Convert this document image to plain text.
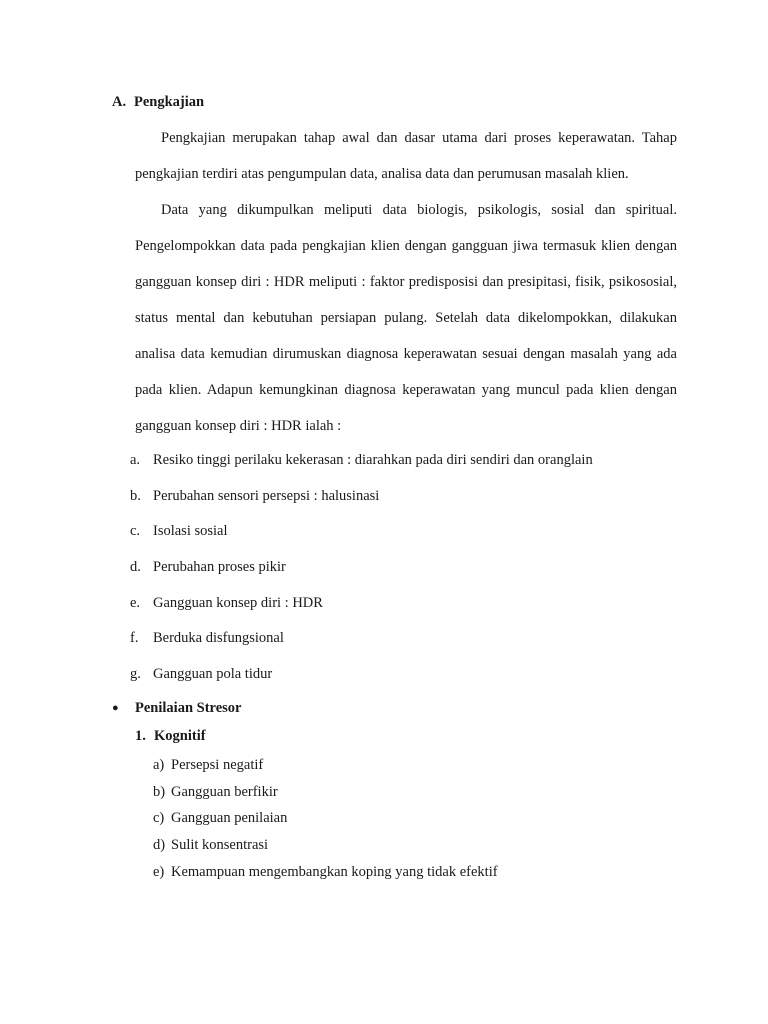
A. Pengkajian
Pengkajian merupakan tahap awal dan dasar utama dari proses keperawatan. Tahap pengkajian terdiri atas pengumpulan data, analisa data dan perumusan masalah klien.
Data yang dikumpulkan meliputi data biologis, psikologis, sosial dan spiritual. Pengelompokkan data pada pengkajian klien dengan gangguan jiwa termasuk klien dengan gangguan konsep diri : HDR meliputi : faktor predisposisi dan presipitasi, fisik, psikososial, status mental dan kebutuhan persiapan pulang. Setelah data dikelompokkan, dilakukan analisa data kemudian dirumuskan diagnosa keperawatan sesuai dengan masalah yang ada pada klien. Adapun kemungkinan diagnosa keperawatan yang muncul pada klien dengan gangguan konsep diri : HDR ialah :
a. Resiko tinggi perilaku kekerasan : diarahkan pada diri sendiri dan oranglain
b. Perubahan sensori persepsi : halusinasi
c. Isolasi sosial
d. Perubahan proses pikir
e. Gangguan konsep diri : HDR
f. Berduka disfungsional
g. Gangguan pola tidur
● Penilaian Stresor
1. Kognitif
a) Persepsi negatif
b) Gangguan berfikir
c) Gangguan penilaian
d) Sulit konsentrasi
e) Kemampuan mengembangkan koping yang tidak efektif
